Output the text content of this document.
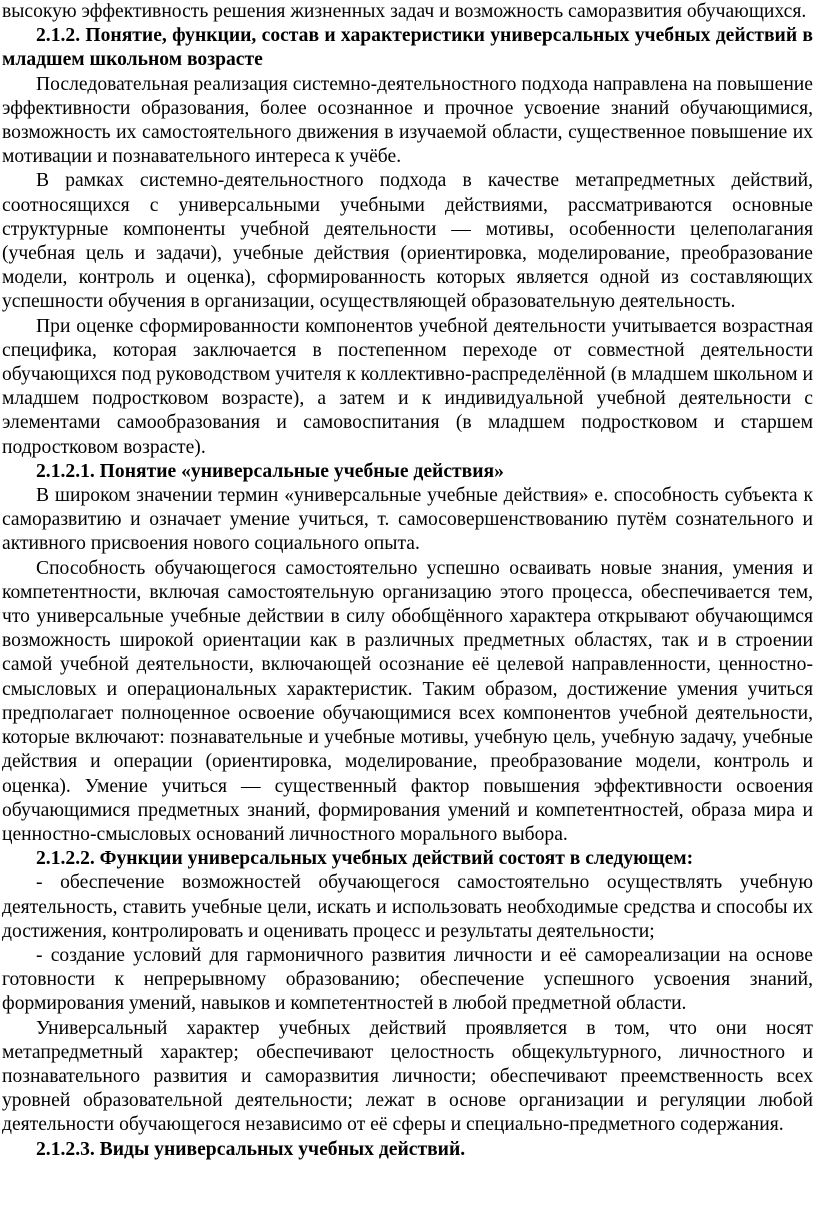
высокую эффективность решения жизненных задач и возможность саморазвития обучающихся.

2.1.2. Понятие, функции, состав и характеристики универсальных учебных действий в младшем школьном возрасте

Последовательная реализация системно-деятельностного подхода направлена на повышение эффективности образования, более осознанное и прочное усвоение знаний обучающимися, возможность их самостоятельного движения в изучаемой области, существенное повышение их мотивации и познавательного интереса к учёбе.

В рамках системно-деятельностного подхода в качестве метапредметных действий, соотносящихся с универсальными учебными действиями, рассматриваются основные структурные компоненты учебной деятельности — мотивы, особенности целеполагания (учебная цель и задачи), учебные действия (ориентировка, моделирование, преобразование модели, контроль и оценка), сформированность которых является одной из составляющих успешности обучения в организации, осуществляющей образовательную деятельность.

При оценке сформированности компонентов учебной деятельности учитывается возрастная специфика, которая заключается в постепенном переходе от совместной деятельности обучающихся под руководством учителя к коллективно-распределённой (в младшем школьном и младшем подростковом возрасте), а затем и к индивидуальной учебной деятельности с элементами самообразования и самовоспитания (в младшем подростковом и старшем подростковом возрасте).

2.1.2.1. Понятие «универсальные учебные действия»

В широком значении термин «универсальные учебные действия» е. способность субъекта к саморазвитию и означает умение учиться, т. самосовершенствованию путём сознательного и активного присвоения нового социального опыта.

Способность обучающегося самостоятельно успешно осваивать новые знания, умения и компетентности, включая самостоятельную организацию этого процесса, обеспечивается тем, что универсальные учебные действии в силу обобщённого характера открывают обучающимся возможность широкой ориентации как в различных предметных областях, так и в строении самой учебной деятельности, включающей осознание её целевой направленности, ценностно-смысловых и операциональных характеристик. Таким образом, достижение умения учиться предполагает полноценное освоение обучающимися всех компонентов учебной деятельности, которые включают: познавательные и учебные мотивы, учебную цель, учебную задачу, учебные действия и операции (ориентировка, моделирование, преобразование модели, контроль и оценка). Умение учиться — существенный фактор повышения эффективности освоения обучающимися предметных знаний, формирования умений и компетентностей, образа мира и ценностно-смысловых оснований личностного морального выбора.

2.1.2.2. Функции универсальных учебных действий состоят в следующем:

- обеспечение возможностей обучающегося самостоятельно осуществлять учебную деятельность, ставить учебные цели, искать и использовать необходимые средства и способы их достижения, контролировать и оценивать процесс и результаты деятельности;

- создание условий для гармоничного развития личности и её самореализации на основе готовности к непрерывному образованию; обеспечение успешного усвоения знаний, формирования умений, навыков и компетентностей в любой предметной области.

Универсальный характер учебных действий проявляется в том, что они носят метапредметный характер; обеспечивают целостность общекультурного, личностного и познавательного развития и саморазвития личности; обеспечивают преемственность всех уровней образовательной деятельности; лежат в основе организации и регуляции любой деятельности обучающегося независимо от её сферы и специально-предметного содержания.

2.1.2.3. Виды универсальных учебных действий.
